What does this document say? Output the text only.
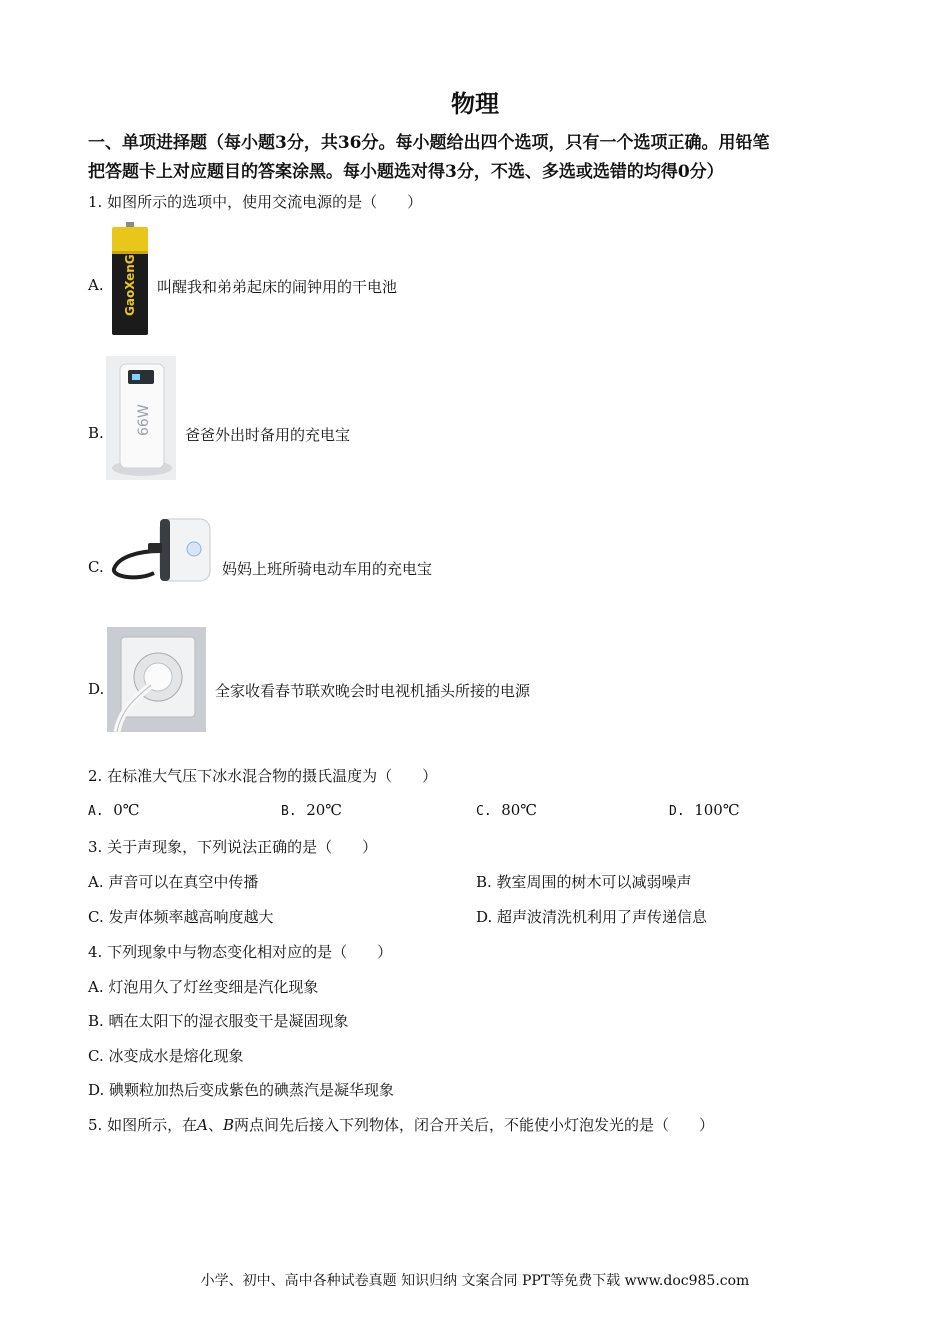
物理
一、单项进择题（每小题3分，共36分。每小题给出四个选项，只有一个选项正确。用铅笔
把答题卡上对应题目的答案涂黑。每小题选对得3分，不选、多选或选错的均得0分）
1. 如图所示的选项中，使用交流电源的是（　　）
A. GaoXenG 叫醒我和弟弟起床的闹钟用的干电池
B. 66W 爸爸外出时备用的充电宝
C.	妈妈上班所骑电动车用的充电宝
D.	全家收看春节联欢晚会时电视机插头所接的电源
2. 在标准大气压下冰水混合物的摄氏温度为（　　）
A. 0℃	B. 20℃	C. 80℃	D. 100℃
3. 关于声现象，下列说法正确的是（　　）
A. 声音可以在真空中传播	B. 教室周围的树木可以减弱噪声
C. 发声体频率越高响度越大	D. 超声波清洗机利用了声传递信息
4. 下列现象中与物态变化相对应的是（　　）
A. 灯泡用久了灯丝变细是汽化现象
B. 晒在太阳下的湿衣服变干是凝固现象
C. 冰变成水是熔化现象
D. 碘颗粒加热后变成紫色的碘蒸汽是凝华现象
5. 如图所示，在A、B两点间先后接入下列物体，闭合开关后，不能使小灯泡发光的是（　　）
小学、初中、高中各种试卷真题 知识归纳 文案合同 PPT等免费下载 www.doc985.com
